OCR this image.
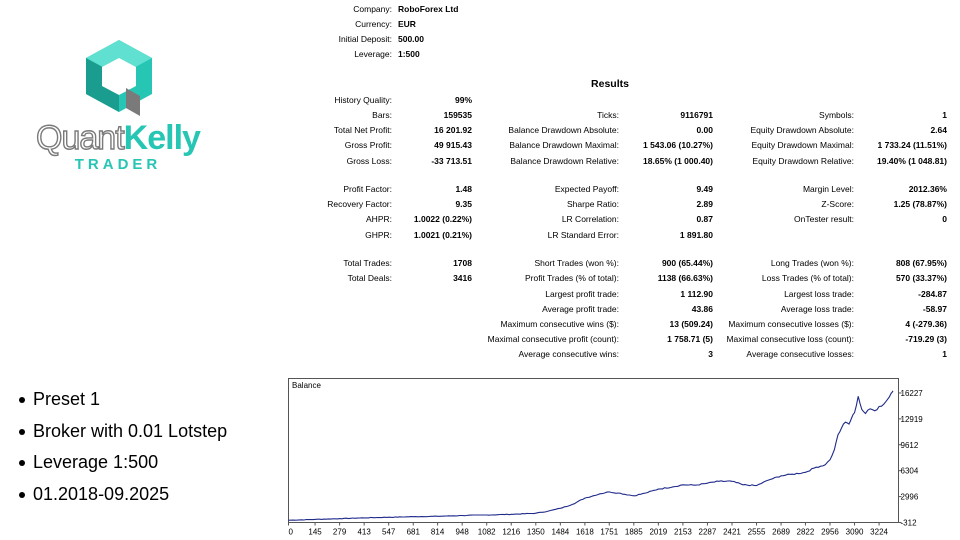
QuantKelly
TRADER
Company: RoboForex Ltd
Currency: EUR
Initial Deposit: 500.00
Leverage: 1:500
Results
History Quality:	99%
Bars:	159535	Ticks:	9116791	Symbols:	1
Total Net Profit:	16 201.92	Balance Drawdown Absolute:	0.00	Equity Drawdown Absolute:	2.64
Gross Profit:	49 915.43	Balance Drawdown Maximal:	1 543.06 (10.27%)	Equity Drawdown Maximal:	1 733.24 (11.51%)
Gross Loss:	-33 713.51	Balance Drawdown Relative:	18.65% (1 000.40)	Equity Drawdown Relative:	19.40% (1 048.81)
Profit Factor:	1.48	Expected Payoff:	9.49	Margin Level:	2012.36%
Recovery Factor:	9.35	Sharpe Ratio:	2.89	Z-Score:	1.25 (78.87%)
AHPR:	1.0022 (0.22%)	LR Correlation:	0.87	OnTester result:	0
GHPR:	1.0021 (0.21%)	LR Standard Error:	1 891.80
Total Trades:	1708	Short Trades (won %):	900 (65.44%)	Long Trades (won %):	808 (67.95%)
Total Deals:	3416	Profit Trades (% of total):	1138 (66.63%)	Loss Trades (% of total):	570 (33.37%)
Largest profit trade:	1 112.90	Largest loss trade:	-284.87
Average profit trade:	43.86	Average loss trade:	-58.97
Maximum consecutive wins ($):	13 (509.24) Maximum consecutive losses ($):	4 (-279.36)
Maximal consecutive profit (count):	1 758.71 (5) Maximal consecutive loss (count):	-719.29 (3)
Average consecutive wins:	3	Average consecutive losses:	1
Preset 1
Broker with 0.01 Lotstep
Leverage 1:500
01.2018-09.2025
Balance
0 145 279 413 547 681 814 948 1082 1216 1350 1484 1618 1751 1885 2019 2153 2287 2421 2555 2689 2822 2956 3090 3224
16227
12919
9612
6304
2996
-312
